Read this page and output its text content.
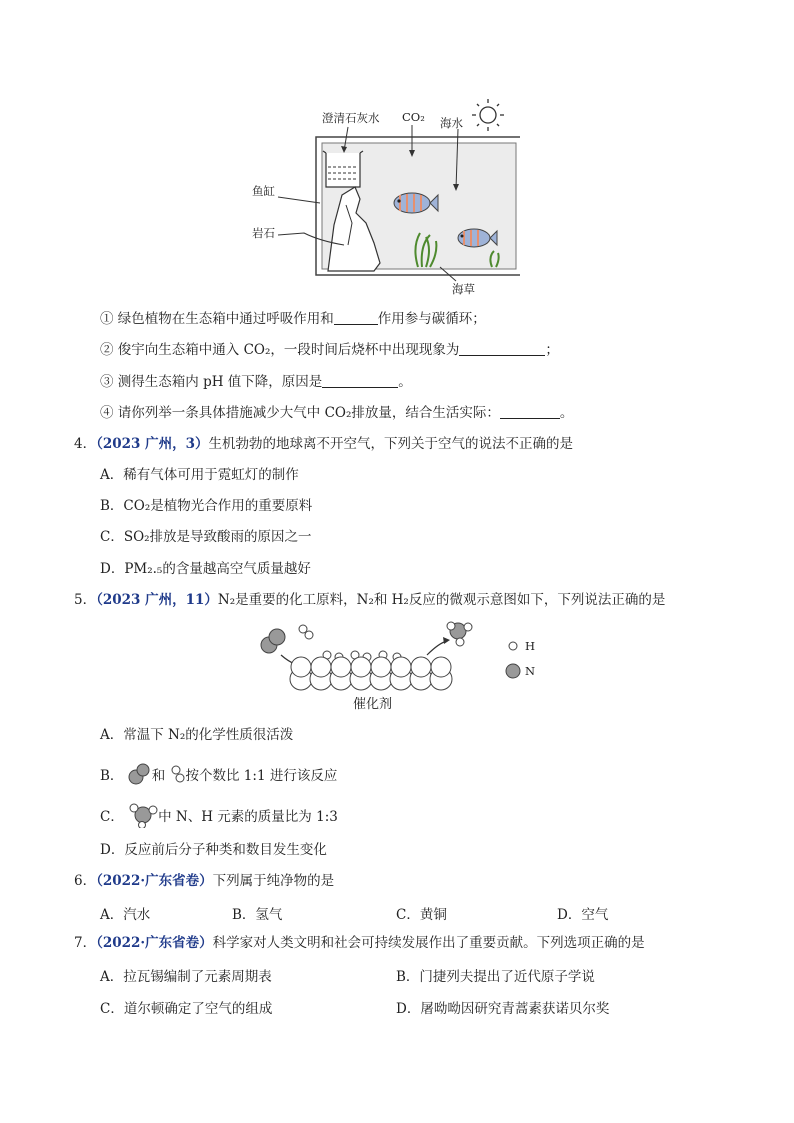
澄清石灰水 CO₂ 海水
鱼缸
岩石
海草
① 绿色植物在生态箱中通过呼吸作用和	作用参与碳循环；
② 俊宇向生态箱中通入 CO₂，一段时间后烧杯中出现现象为	；
③ 测得生态箱内 pH 值下降，原因是	。
④ 请你列举一条具体措施减少大气中 CO₂排放量，结合生活实际：	。
4．（2023 广州，3）生机勃勃的地球离不开空气，下列关于空气的说法不正确的是
A．稀有气体可用于霓虹灯的制作
B．CO₂是植物光合作用的重要原料
C．SO₂排放是导致酸雨的原因之一
D．PM₂.₅的含量越高空气质量越好
5．（2023 广州，11）N₂是重要的化工原料，N₂和 H₂反应的微观示意图如下，下列说法正确的是
H
N
催化剂
A．常温下 N₂的化学性质很活泼
B． 和 按个数比 1:1 进行该反应
C．	中 N、H 元素的质量比为 1:3
D．反应前后分子种类和数目发生变化
6．（2022·广东省卷）下列属于纯净物的是
A．汽水	B．氢气	C．黄铜	D．空气
7．（2022·广东省卷）科学家对人类文明和社会可持续发展作出了重要贡献。下列选项正确的是
A．拉瓦锡编制了元素周期表	B．门捷列夫提出了近代原子学说
C．道尔顿确定了空气的组成	D．屠呦呦因研究青蒿素获诺贝尔奖
